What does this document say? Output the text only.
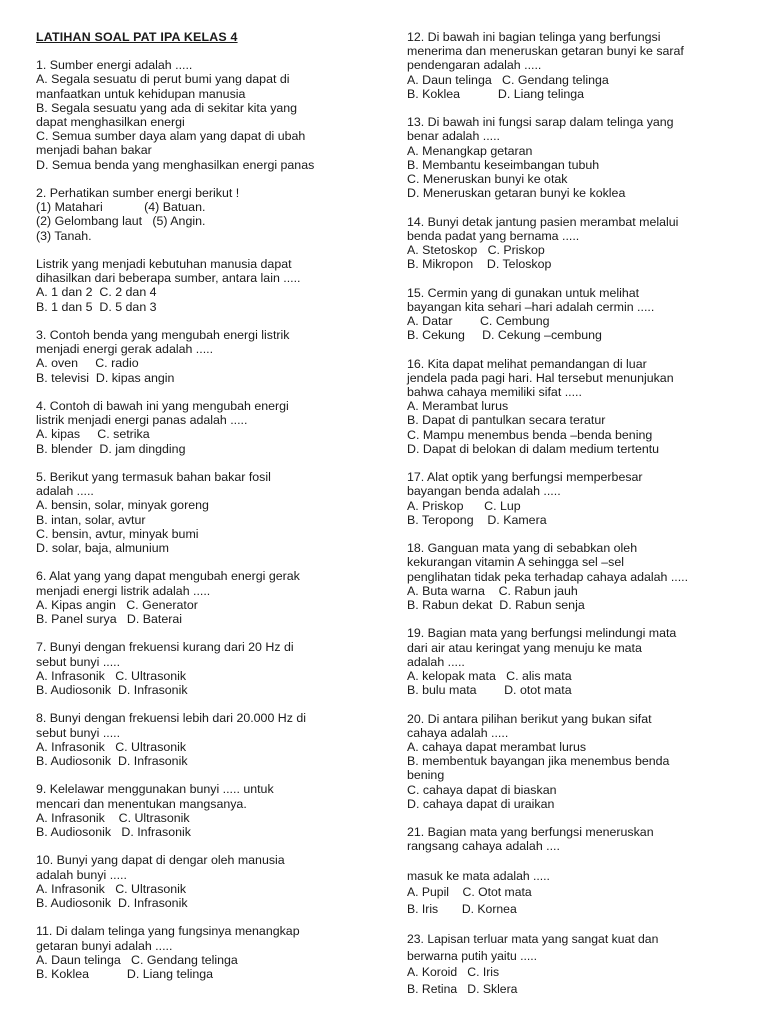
LATIHAN SOAL PAT IPA KELAS 4
1. Sumber energi adalah .....
A. Segala sesuatu di perut bumi yang dapat di
manfaatkan untuk kehidupan manusia
B. Segala sesuatu yang ada di sekitar kita yang
dapat menghasilkan energi
C. Semua sumber daya alam yang dapat di ubah
menjadi bahan bakar
D. Semua benda yang menghasilkan energi panas
2. Perhatikan sumber energi berikut !
(1) Matahari            (4) Batuan.
(2) Gelombang laut   (5) Angin.
(3) Tanah.
Listrik yang menjadi kebutuhan manusia dapat
dihasilkan dari beberapa sumber, antara lain .....
A. 1 dan 2  C. 2 dan 4
B. 1 dan 5  D. 5 dan 3
3. Contoh benda yang mengubah energi listrik
menjadi energi gerak adalah .....
A. oven     C. radio
B. televisi  D. kipas angin
4. Contoh di bawah ini yang mengubah energi
listrik menjadi energi panas adalah .....
A. kipas     C. setrika
B. blender  D. jam dingding
5. Berikut yang termasuk bahan bakar fosil
adalah .....
A. bensin, solar, minyak goreng
B. intan, solar, avtur
C. bensin, avtur, minyak bumi
D. solar, baja, almunium
6. Alat yang yang dapat mengubah energi gerak
menjadi energi listrik adalah .....
A. Kipas angin   C. Generator
B. Panel surya   D. Baterai
7. Bunyi dengan frekuensi kurang dari 20 Hz di
sebut bunyi .....
A. Infrasonik   C. Ultrasonik
B. Audiosonik  D. Infrasonik
8. Bunyi dengan frekuensi lebih dari 20.000 Hz di
sebut bunyi .....
A. Infrasonik   C. Ultrasonik
B. Audiosonik  D. Infrasonik
9. Kelelawar menggunakan bunyi ..... untuk
mencari dan menentukan mangsanya.
A. Infrasonik    C. Ultrasonik
B. Audiosonik   D. Infrasonik
10. Bunyi yang dapat di dengar oleh manusia
adalah bunyi .....
A. Infrasonik   C. Ultrasonik
B. Audiosonik  D. Infrasonik
11. Di dalam telinga yang fungsinya menangkap
getaran bunyi adalah .....
A. Daun telinga   C. Gendang telinga
B. Koklea           D. Liang telinga
12. Di bawah ini bagian telinga yang berfungsi
menerima dan meneruskan getaran bunyi ke saraf
pendengaran adalah .....
A. Daun telinga   C. Gendang telinga
B. Koklea           D. Liang telinga
13. Di bawah ini fungsi sarap dalam telinga yang
benar adalah .....
A. Menangkap getaran
B. Membantu keseimbangan tubuh
C. Meneruskan bunyi ke otak
D. Meneruskan getaran bunyi ke koklea
14. Bunyi detak jantung pasien merambat melalui
benda padat yang bernama .....
A. Stetoskop   C. Priskop
B. Mikropon    D. Teloskop
15. Cermin yang di gunakan untuk melihat
bayangan kita sehari –hari adalah cermin .....
A. Datar        C. Cembung
B. Cekung     D. Cekung –cembung
16. Kita dapat melihat pemandangan di luar
jendela pada pagi hari. Hal tersebut menunjukan
bahwa cahaya memiliki sifat .....
A. Merambat lurus
B. Dapat di pantulkan secara teratur
C. Mampu menembus benda –benda bening
D. Dapat di belokan di dalam medium tertentu
17. Alat optik yang berfungsi memperbesar
bayangan benda adalah .....
A. Priskop      C. Lup
B. Teropong    D. Kamera
18. Ganguan mata yang di sebabkan oleh
kekurangan vitamin A sehingga sel –sel
penglihatan tidak peka terhadap cahaya adalah .....
A. Buta warna    C. Rabun jauh
B. Rabun dekat  D. Rabun senja
19. Bagian mata yang berfungsi melindungi mata
dari air atau keringat yang menuju ke mata
adalah .....
A. kelopak mata   C. alis mata
B. bulu mata        D. otot mata
20. Di antara pilihan berikut yang bukan sifat
cahaya adalah .....
A. cahaya dapat merambat lurus
B. membentuk bayangan jika menembus benda
bening
C. cahaya dapat di biaskan
D. cahaya dapat di uraikan
21. Bagian mata yang berfungsi meneruskan
rangsang cahaya adalah ....
masuk ke mata adalah .....
A. Pupil    C. Otot mata
B. Iris       D. Kornea
23. Lapisan terluar mata yang sangat kuat dan
berwarna putih yaitu .....
A. Koroid   C. Iris
B. Retina   D. Sklera
